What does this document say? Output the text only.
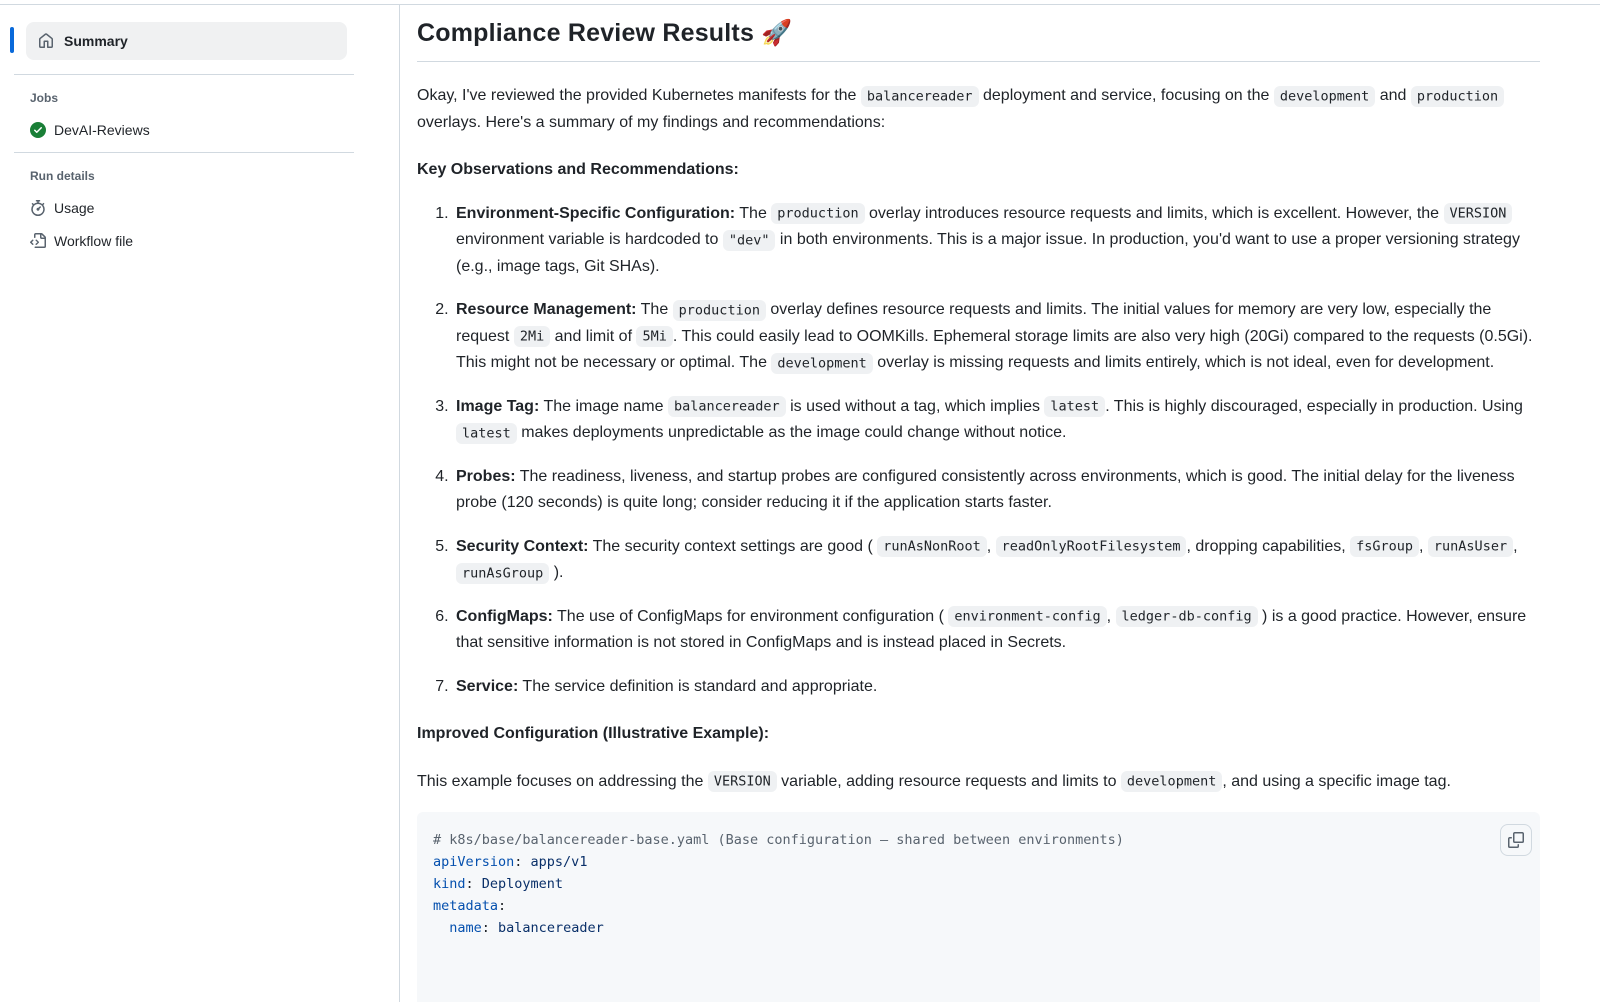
Summary
Jobs
DevAI-Reviews
Run details
Usage
Workflow file
Compliance Review Results 🚀

Okay, I've reviewed the provided Kubernetes manifests for the balancereader deployment and service, focusing on the development and production overlays. Here's a summary of my findings and recommendations:

Key Observations and Recommendations:

1. Environment-Specific Configuration: The production overlay introduces resource requests and limits, which is excellent. However, the VERSION environment variable is hardcoded to "dev" in both environments. This is a major issue. In production, you'd want to use a proper versioning strategy (e.g., image tags, Git SHAs).
2. Resource Management: The production overlay defines resource requests and limits. The initial values for memory are very low, especially the request 2Mi and limit of 5Mi . This could easily lead to OOMKills. Ephemeral storage limits are also very high (20Gi) compared to the requests (0.5Gi). This might not be necessary or optimal. The development overlay is missing requests and limits entirely, which is not ideal, even for development.
3. Image Tag: The image name balancereader is used without a tag, which implies latest . This is highly discouraged, especially in production. Using latest makes deployments unpredictable as the image could change without notice.
4. Probes: The readiness, liveness, and startup probes are configured consistently across environments, which is good. The initial delay for the liveness probe (120 seconds) is quite long; consider reducing it if the application starts faster.
5. Security Context: The security context settings are good ( runAsNonRoot , readOnlyRootFilesystem , dropping capabilities, fsGroup , runAsUser , runAsGroup ).
6. ConfigMaps: The use of ConfigMaps for environment configuration ( environment-config , ledger-db-config ) is a good practice. However, ensure that sensitive information is not stored in ConfigMaps and is instead placed in Secrets.
7. Service: The service definition is standard and appropriate.

Improved Configuration (Illustrative Example):

This example focuses on addressing the VERSION variable, adding resource requests and limits to development , and using a specific image tag.

# k8s/base/balancereader-base.yaml (Base configuration — shared between environments)
apiVersion: apps/v1
kind: Deployment
metadata:
name: balancereader
